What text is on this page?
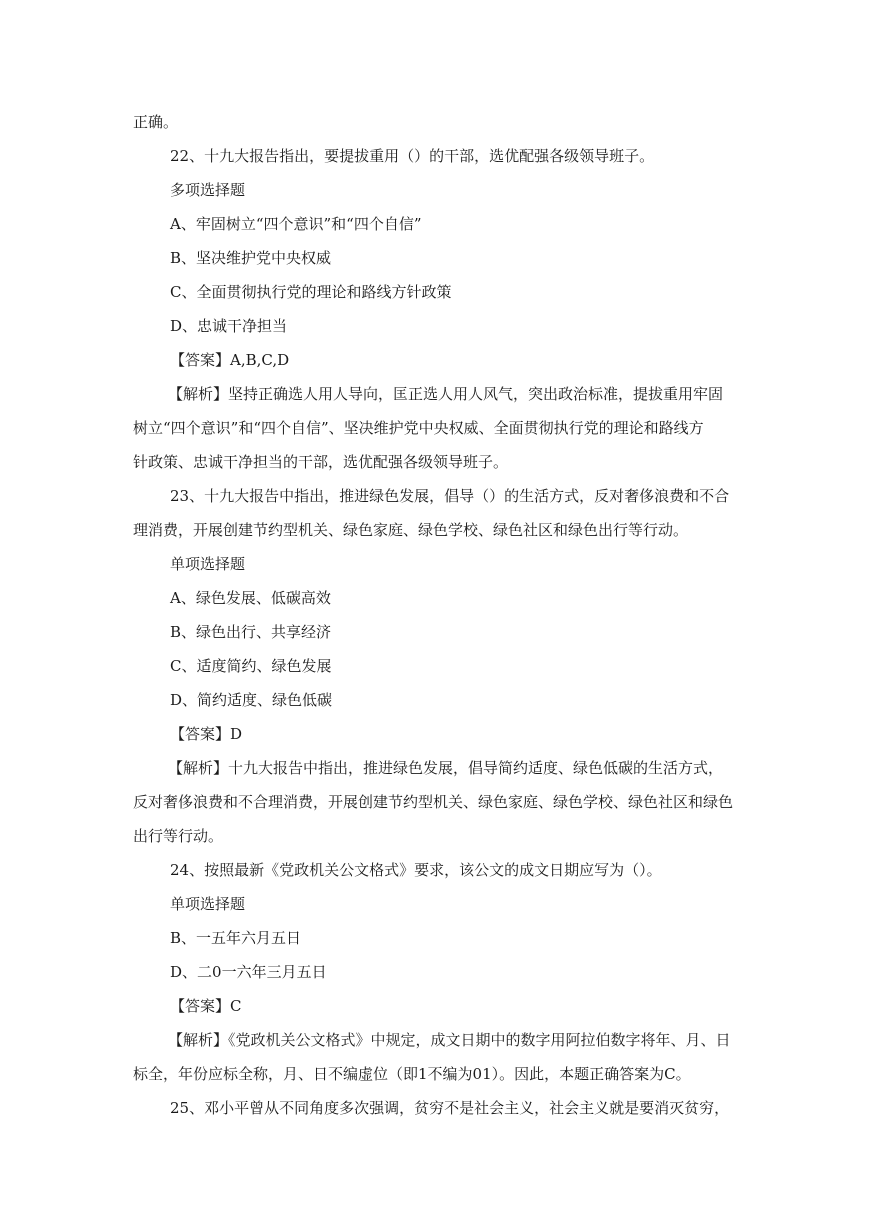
正确。
22、十九大报告指出，要提拔重用（）的干部，选优配强各级领导班子。
多项选择题
A、牢固树立“四个意识”和“四个自信”
B、坚决维护党中央权威
C、全面贯彻执行党的理论和路线方针政策
D、忠诚干净担当
【答案】A,B,C,D
【解析】坚持正确选人用人导向，匡正选人用人风气，突出政治标准，提拔重用牢固
树立“四个意识”和“四个自信”、坚决维护党中央权威、全面贯彻执行党的理论和路线方
针政策、忠诚干净担当的干部，选优配强各级领导班子。
23、十九大报告中指出，推进绿色发展，倡导（）的生活方式，反对奢侈浪费和不合
理消费，开展创建节约型机关、绿色家庭、绿色学校、绿色社区和绿色出行等行动。
单项选择题
A、绿色发展、低碳高效
B、绿色出行、共享经济
C、适度简约、绿色发展
D、简约适度、绿色低碳
【答案】D
【解析】十九大报告中指出，推进绿色发展，倡导简约适度、绿色低碳的生活方式，
反对奢侈浪费和不合理消费，开展创建节约型机关、绿色家庭、绿色学校、绿色社区和绿色
出行等行动。
24、按照最新《党政机关公文格式》要求，该公文的成文日期应写为（）。
单项选择题
B、一五年六月五日
D、二0一六年三月五日
【答案】C
【解析】《党政机关公文格式》中规定，成文日期中的数字用阿拉伯数字将年、月、日
标全，年份应标全称，月、日不编虚位（即1不编为01）。因此，本题正确答案为C。
25、邓小平曾从不同角度多次强调，贫穷不是社会主义，社会主义就是要消灭贫穷，
